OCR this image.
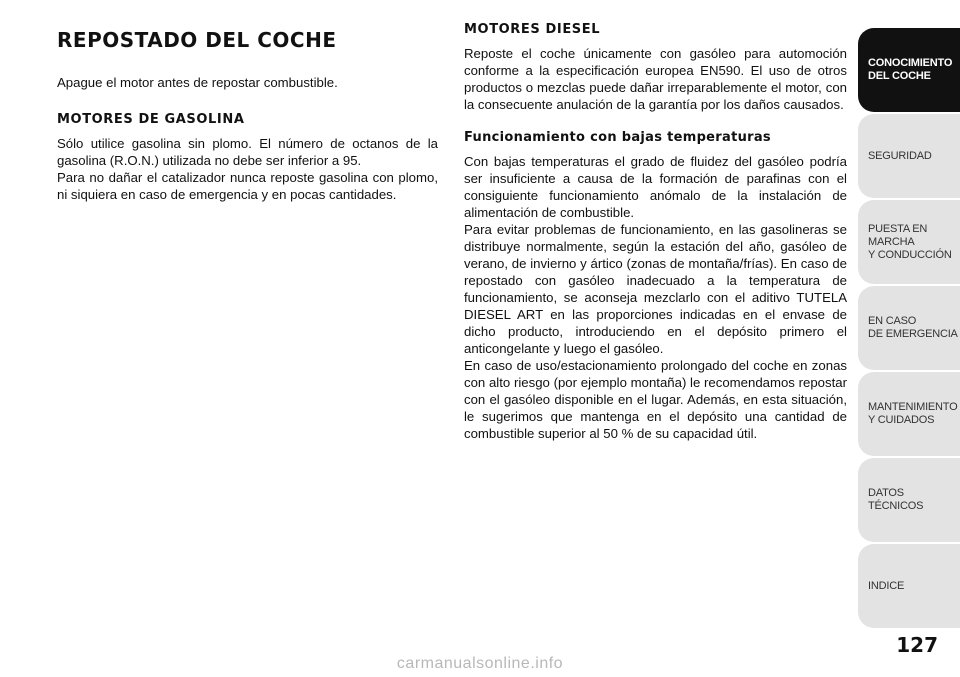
REPOSTADO DEL COCHE

Apague el motor antes de repostar combustible.

MOTORES DE GASOLINA

Sólo utilice gasolina sin plomo. El número de octanos de la gasolina (R.O.N.) utilizada no debe ser inferior a 95.

Para no dañar el catalizador nunca reposte gasolina con plomo, ni siquiera en caso de emergencia y en pocas cantidades.

MOTORES DIESEL

Reposte el coche únicamente con gasóleo para automoción conforme a la especificación europea EN590. El uso de otros productos o mezclas puede dañar irreparablemente el motor, con la consecuente anulación de la garantía por los daños causados.

Funcionamiento con bajas temperaturas

Con bajas temperaturas el grado de fluidez del gasóleo podría ser insuficiente a causa de la formación de parafinas con el consiguiente funcionamiento anómalo de la instalación de alimentación de combustible.

Para evitar problemas de funcionamiento, en las gasolineras se distribuye normalmente, según la estación del año, gasóleo de verano, de invierno y ártico (zonas de montaña/frías). En caso de repostado con gasóleo inadecuado a la temperatura de funcionamiento, se aconseja mezclarlo con el aditivo TUTELA DIESEL ART en las proporciones indicadas en el envase de dicho producto, introduciendo en el depósito primero el anticongelante y luego el gasóleo.

En caso de uso/estacionamiento prolongado del coche en zonas con alto riesgo (por ejemplo montaña) le recomendamos repostar con el gasóleo disponible en el lugar. Además, en esta situación, le sugerimos que mantenga en el depósito una cantidad de combustible superior al 50 % de su capacidad útil.

CONOCIMIENTO
DEL COCHE
SEGURIDAD
PUESTA EN MARCHA
Y CONDUCCIÓN
EN CASO
DE EMERGENCIA
MANTENIMIENTO
Y CUIDADOS
DATOS TÉCNICOS
INDICE
127
carmanualsonline.info
